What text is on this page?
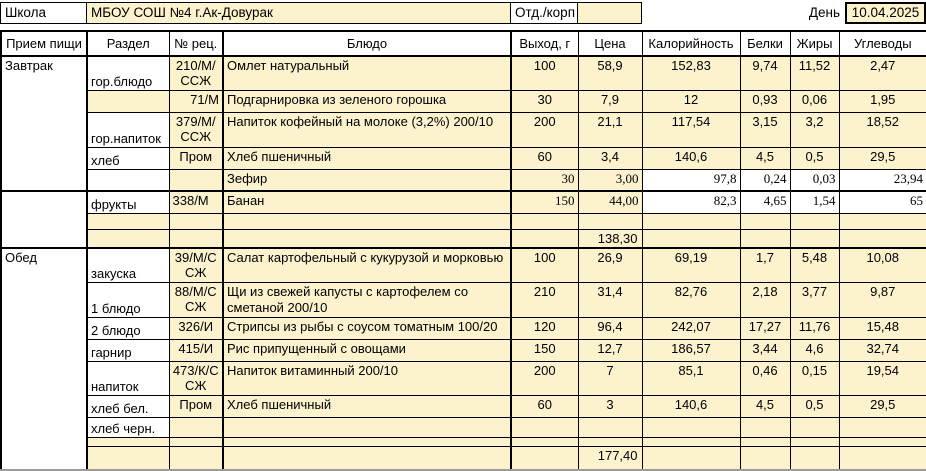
Школа	МБОУ СОШ №4 г.Ак-Довурак	Отд./корп	День 10.04.2025
Прием пищи	Раздел	№ рец.	Блюдо	Выход, г	Цена	Калорийность	Белки	Жиры	Углеводы
Завтрак	гор.блюдо	210/М/ССЖ	Омлет натуральный	100	58,9	152,83	9,74	11,52	2,47
		71/М	Подгарнировка из зеленого горошка	30	7,9	12	0,93	0,06	1,95
	гор.напиток	379/М/ССЖ	Напиток кофейный на молоке (3,2%) 200/10	200	21,1	117,54	3,15	3,2	18,52
	хлеб	Пром	Хлеб пшеничный	60	3,4	140,6	4,5	0,5	29,5
			Зефир	30	3,00	97,8	0,24	0,03	23,94
	фрукты	338/М	Банан	150	44,00	82,3	4,65	1,54	65

					138,30				
Обед	закуска	39/М/ССЖ	Салат картофельный с кукурузой и морковью	100	26,9	69,19	1,7	5,48	10,08
	1 блюдо	88/М/ССЖ	Щи из свежей капусты с картофелем со сметаной 200/10	210	31,4	82,76	2,18	3,77	9,87
	2 блюдо	326/И	Стрипсы из рыбы с соусом томатным 100/20	120	96,4	242,07	17,27	11,76	15,48
	гарнир	415/И	Рис припущенный с овощами	150	12,7	186,57	3,44	4,6	32,74
	напиток	473/К/ССЖ	Напиток витаминный 200/10	200	7	85,1	0,46	0,15	19,54
	хлеб бел.	Пром	Хлеб пшеничный	60	3	140,6	4,5	0,5	29,5
	хлеб черн.								

					177,40				
